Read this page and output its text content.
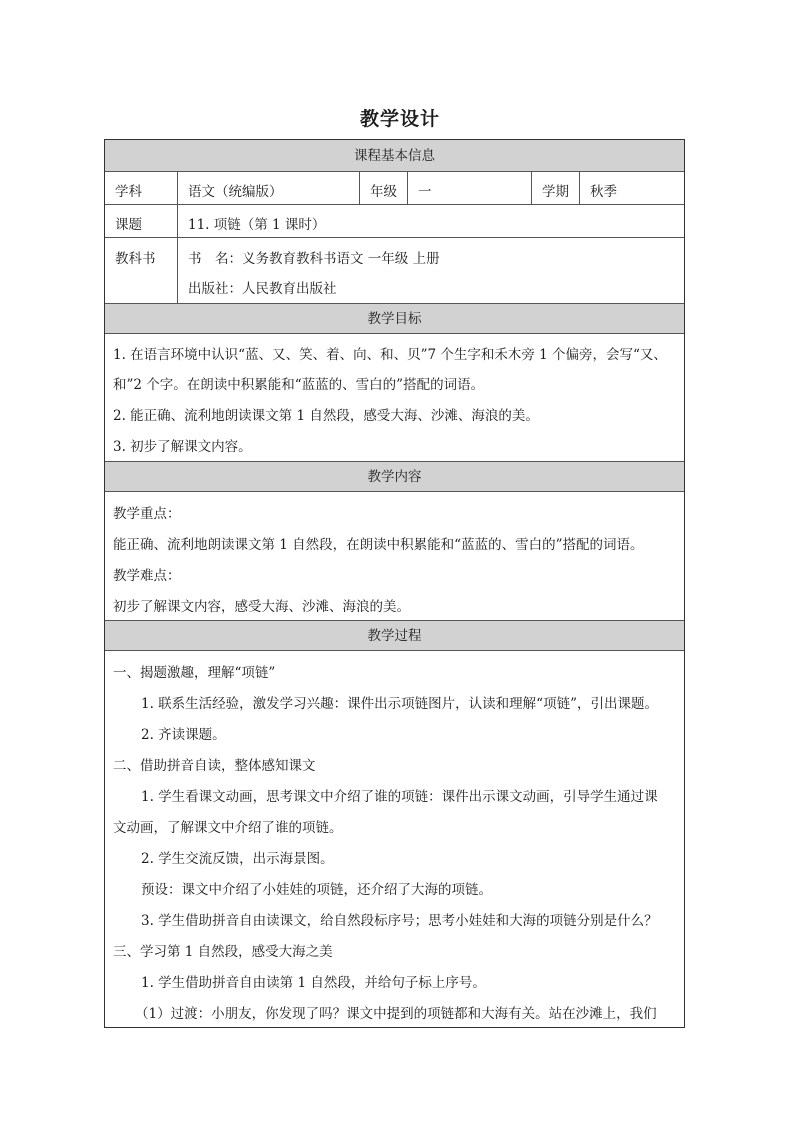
教学设计
课程基本信息
学科	语文（统编版）	年级 一	学期 秋季
课题	11. 项链（第 1 课时）
教科书 书　名：义务教育教科书语文 一年级 上册
出版社：人民教育出版社
教学目标
1. 在语言环境中认识“蓝、又、笑、着、向、和、贝”7 个生字和禾木旁 1 个偏旁，会写“又、
和”2 个字。在朗读中积累能和“蓝蓝的、雪白的”搭配的词语。
2. 能正确、流利地朗读课文第 1 自然段，感受大海、沙滩、海浪的美。
3. 初步了解课文内容。
教学内容
教学重点：
能正确、流利地朗读课文第 1 自然段，在朗读中积累能和“蓝蓝的、雪白的”搭配的词语。
教学难点：
初步了解课文内容，感受大海、沙滩、海浪的美。
教学过程
一、揭题激趣，理解“项链”
1. 联系生活经验，激发学习兴趣：课件出示项链图片，认读和理解“项链”，引出课题。
2. 齐读课题。
二、借助拼音自读，整体感知课文
1. 学生看课文动画，思考课文中介绍了谁的项链：课件出示课文动画，引导学生通过课
文动画，了解课文中介绍了谁的项链。
2. 学生交流反馈，出示海景图。
预设：课文中介绍了小娃娃的项链，还介绍了大海的项链。
3. 学生借助拼音自由读课文，给自然段标序号；思考小娃娃和大海的项链分别是什么？
三、学习第 1 自然段，感受大海之美
1. 学生借助拼音自由读第 1 自然段，并给句子标上序号。
（1）过渡：小朋友，你发现了吗？课文中提到的项链都和大海有关。站在沙滩上，我们
